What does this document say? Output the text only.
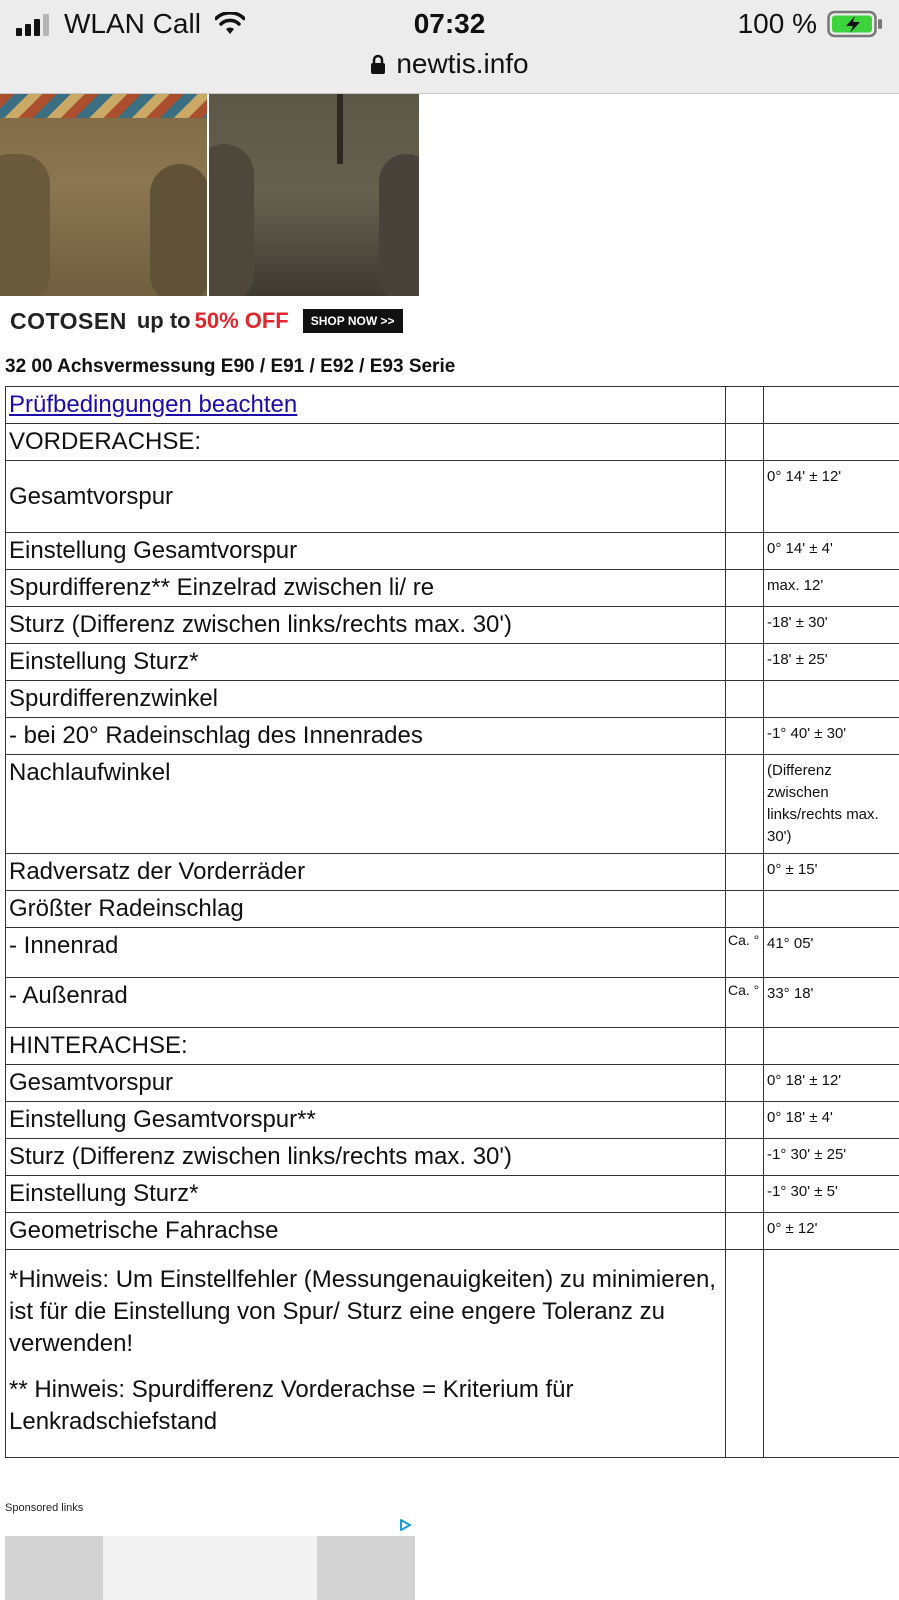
WLAN Call	07:32	100 %
newtis.info
COTOSEN up to 50% OFF	SHOP NOW >>
32 00 Achsvermessung E90 / E91 / E92 / E93 Serie
Prüfbedingungen beachten		
VORDERACHSE:		
Gesamtvorspur		0° 14' ± 12'
Einstellung Gesamtvorspur		0° 14' ± 4'
Spurdifferenz** Einzelrad zwischen li/ re		max. 12'
Sturz (Differenz zwischen links/rechts max. 30')		-18' ± 30'
Einstellung Sturz*		-18' ± 25'
Spurdifferenzwinkel		
- bei 20° Radeinschlag des Innenrades		-1° 40' ± 30'
Nachlaufwinkel		(Differenz zwischen links/rechts max. 30')
Radversatz der Vorderräder		0° ± 15'
Größter Radeinschlag		
- Innenrad	Ca. °	41° 05'
- Außenrad	Ca. °	33° 18'
HINTERACHSE:		
Gesamtvorspur		0° 18' ± 12'
Einstellung Gesamtvorspur**		0° 18' ± 4'
Sturz (Differenz zwischen links/rechts max. 30')		-1° 30' ± 25'
Einstellung Sturz*		-1° 30' ± 5'
Geometrische Fahrachse		0° ± 12'

*Hinweis: Um Einstellfehler (Messungenauigkeiten) zu minimieren, ist für die Einstellung von Spur/ Sturz eine engere Toleranz zu verwenden!

** Hinweis: Spurdifferenz Vorderachse = Kriterium für Lenkradschiefstand		

Sponsored links
